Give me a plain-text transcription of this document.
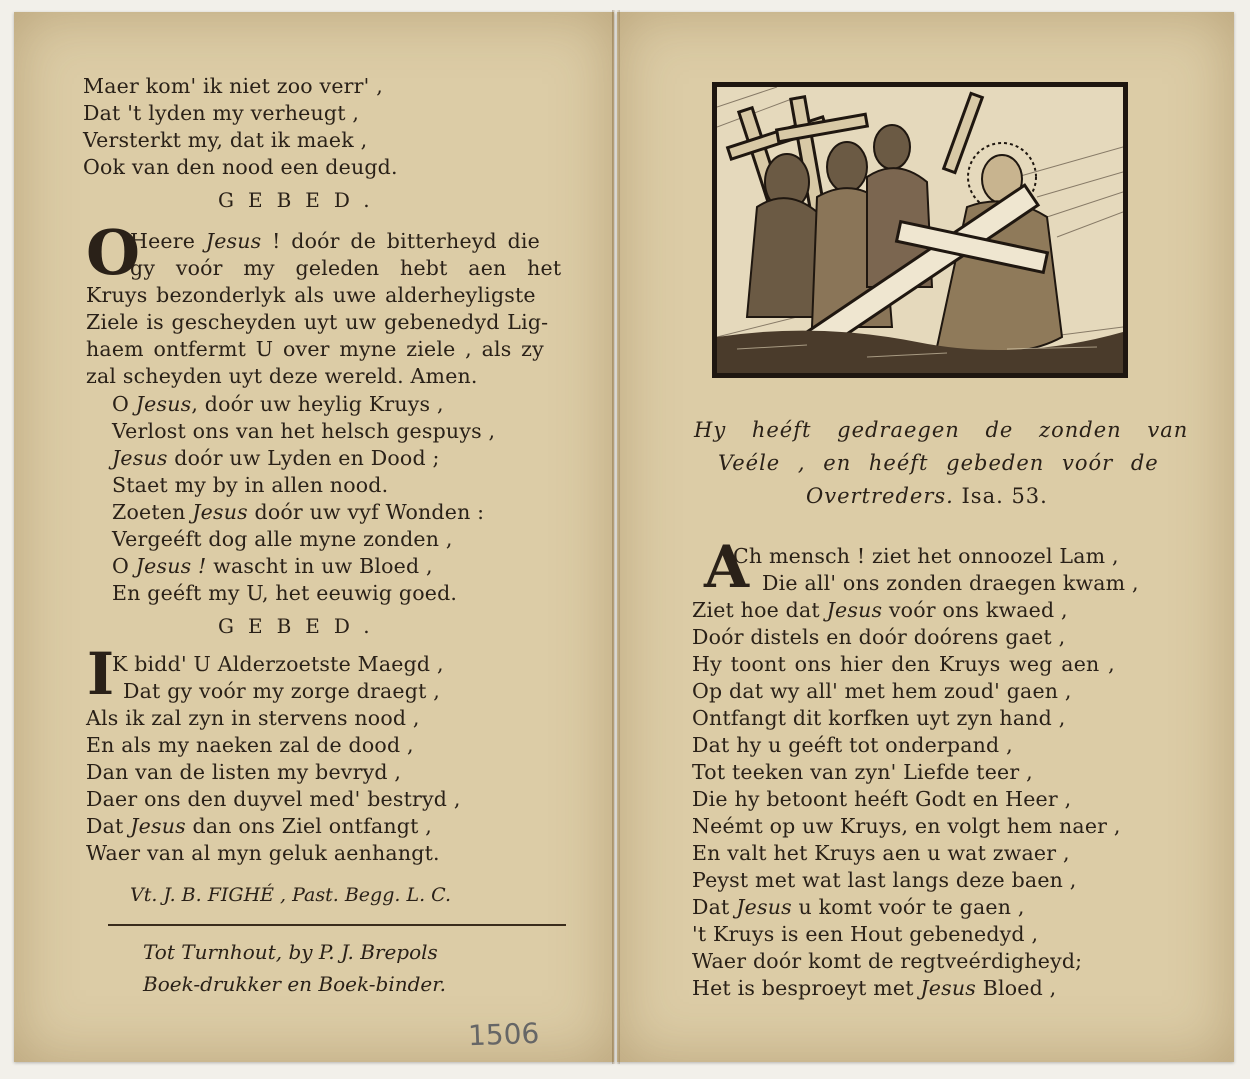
Maer kom' ik niet zoo verr' ,
Dat 't lyden my verheugt ,
Versterkt my, dat ik maek ,
Ook van den nood een deugd.
GEBED.
O
Heere Jesus ! doór de bitterheyd die
gy voór my geleden hebt aen het
Kruys bezonderlyk als uwe alderheyligste
Ziele is gescheyden uyt uw gebenedyd Lig-
haem ontfermt U over myne ziele , als zy
zal scheyden uyt deze wereld. Amen.
O Jesus, doór uw heylig Kruys ,
Verlost ons van het helsch gespuys ,
Jesus doór uw Lyden en Dood ;
Staet my by in allen nood.
Zoeten Jesus doór uw vyf Wonden :
Vergeéft dog alle myne zonden ,
O Jesus ! wascht in uw Bloed ,
En geéft my U, het eeuwig goed.
GEBED.
I
K bidd' U Alderzoetste Maegd ,
Dat gy voór my zorge draegt ,
Als ik zal zyn in stervens nood ,
En als my naeken zal de dood ,
Dan van de listen my bevryd ,
Daer ons den duyvel med' bestryd ,
Dat Jesus dan ons Ziel ontfangt ,
Waer van al myn geluk aenhangt.
Vt. J. B. FIGHÉ , Past. Begg. L. C.
Tot Turnhout, by P. J. Brepols
Boek-drukker en Boek-binder.
1506
Hy heéft gedraegen de zonden van
Veéle , en heéft gebeden voór de
Overtreders. Isa. 53.
A
Ch mensch ! ziet het onnoozel Lam ,
Die all' ons zonden draegen kwam ,
Ziet hoe dat Jesus voór ons kwaed ,
Doór distels en doór doórens gaet ,
Hy toont ons hier den Kruys weg aen ,
Op dat wy all' met hem zoud' gaen ,
Ontfangt dit korfken uyt zyn hand ,
Dat hy u geéft tot onderpand ,
Tot teeken van zyn' Liefde teer ,
Die hy betoont heéft Godt en Heer ,
Neémt op uw Kruys, en volgt hem naer ,
En valt het Kruys aen u wat zwaer ,
Peyst met wat last langs deze baen ,
Dat Jesus u komt voór te gaen ,
't Kruys is een Hout gebenedyd ,
Waer doór komt de regtveérdigheyd;
Het is besproeyt met Jesus Bloed ,
